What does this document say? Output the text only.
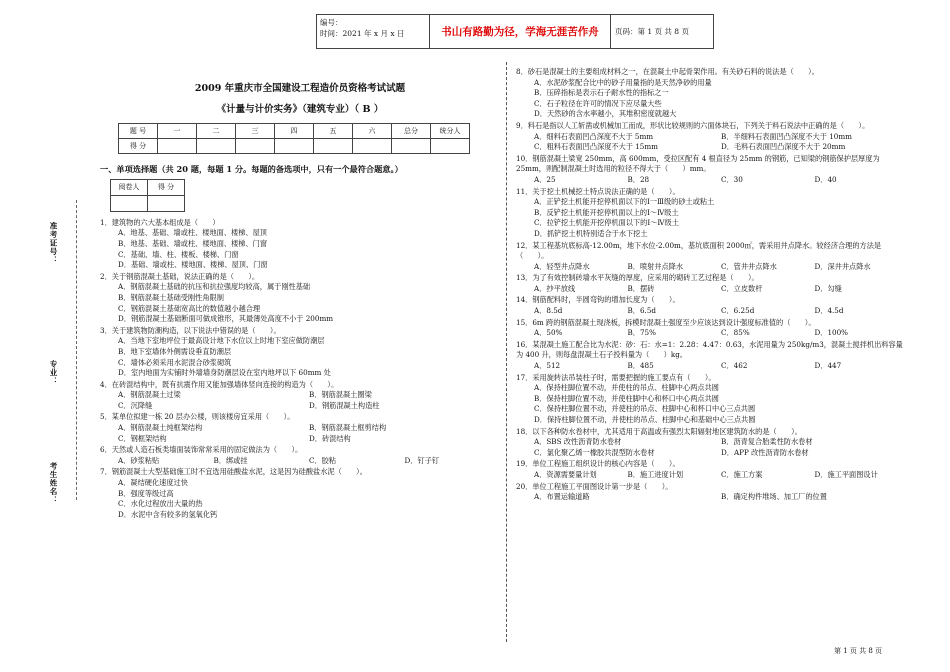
编号：
时间：2021 年 x 月 x 日	书山有路勤为径，学海无涯苦作舟	页码：第 1 页 共 8 页
准考证号：
专业：
考生姓名：
2009 年重庆市全国建设工程造价员资格考试试题
《计量与计价实务》（建筑专业）（ B ）
题 号	一	二	三	四	五	六	总分	统分人
得 分								
一、单项选择题（共 20 题，每题 1 分。每题的备选项中，只有一个最符合题意。）
阅卷人	得 分

1．建筑物的六大基本组成是（　　）
A．地基、基础、墙或柱、楼地面、楼梯、屋顶
B．地基、基础、墙或柱、楼地面、楼梯、门窗
C．基础、墙、柱、楼板、楼梯、门窗
D．基础、墙或柱、楼地面、楼梯、屋顶、门窗
2．关于钢筋混凝土基础，说法正确的是（　　）。
A．钢筋混凝土基础的抗压和抗拉强度均较高，属于刚性基础
B．钢筋混凝土基础受刚性角限制
C．钢筋混凝土基础宽高比的数值越小越合理
D．钢筋混凝土基础断面可做成锥形，其最薄处高度不小于 200mm
3．关于建筑物防潮构造，以下说法中错误的是（　　）。
A．当地下室地坪位于最高设计地下水位以上时地下室应做防潮层
B．地下室墙体外侧需设垂直防潮层
C．墙体必须采用水泥混合砂浆砌筑
D．室内地面为实铺时外墙墙身防潮层设在室内地坪以下 60mm 处
4．在砖混结构中，既有抗震作用又能加强墙体竖向连接的构造为（　　）。
A．钢筋混凝土过梁	B．钢筋混凝土圈梁
C．沉降缝	D．钢筋混凝土构造柱
5．某单位拟建一栋 20 层办公楼，则该楼房宜采用（　　）。
A．钢筋混凝土纯框架结构	B．钢筋混凝土框剪结构
C．钢框架结构	D．砖混结构
6．天然或人造石板类墙面装饰常常采用的固定做法为（　　）。
A．砂浆粘贴	B．绑或挂	C．胶粘	D．钉子钉
7．钢筋混凝土大型基础施工时不宜选用硅酸盐水泥，这是因为硅酸盐水泥（　　）。
A．凝结硬化速度过快
B．强度等级过高
C．水化过程放出大量的热
D．水泥中含有较多的氢氧化钙
8．砂石是混凝土的主要组成材料之一，在混凝土中起骨架作用。有关砂石料的说法是（　　）。
A．水泥砂浆配合比中的砂子用量指的是天然净砂的用量
B．压碎指标是表示石子耐水性的指标之一
C．石子粒径在许可的情况下应尽量大些
D．天然砂的含水率越小，其堆积密度就越大
9．料石是指以人工斩凿或机械加工而成，形状比较规则的六面体块石，下列关于料石说法中正确的是（　　）。
A．细料石表面凹凸深度不大于 5mm	B．半细料石表面凹凸深度不大于 10mm
C．粗料石表面凹凸深度不大于 15mm	D．毛料石表面凹凸深度不大于 20mm
10．钢筋混凝土梁宽 250mm，高 600mm，受拉区配有 4 根直径为 25mm 的钢筋，已知梁的钢筋保护层厚度为 25mm，则配制混凝土时选用的粒径不得大于（　　）mm。
A．25	B．28	C．30	D．40
11．关于挖土机械挖土特点说法正确的是（　　）。
A．正铲挖土机能开挖停机面以下的Ⅰ一Ⅲ级的砂土或粘土
B．反铲挖土机能开挖停机面以上的Ⅰ～Ⅳ级土
C．拉铲挖土机能开挖停机面以下的Ⅰ～Ⅳ级土
D．抓铲挖土机特别适合于水下挖土
12．某工程基坑底标高-12.00m，地下水位-2.00m，基坑底面积 2000㎡，需采用井点降水。较经济合理的方法是（　　）。
A．轻型井点降水	B．喷射井点降水	C．管井井点降水	D．深井井点降水
13．为了有效控制砖墙水平灰缝的厚度，应采用的砌砖工艺过程是（　　）。
A．抄平放线	B．摆砖	C．立皮数杆	D．勾缝
14．钢筋配料时，半圆弯钩的增加长度为（　　）。
A．8.5d	B．6.5d	C．6.25d	D．4.5d
15．6m 跨的钢筋混凝土现浇板，拆模时混凝土强度至少应该达到设计强度标准值的（　　）。
A．50%	B．75%	C．85%	D．100%
16．某混凝土施工配合比为水泥：砂：石：水=1：2.28：4.47：0.63，水泥用量为 250kg/m3，混凝土搅拌机出料容量为 400 升，则每盘混凝土石子投料量为（　　）kg。
A．512	B．485	C．462	D．447
17．采用旋转法吊装柱子时，需要把握的施工要点有（　　）。
A．保持柱脚位置不动，并使柱的吊点、柱脚中心两点共圆
B．保持柱脚位置不动，并使柱脚中心和杯口中心两点共圆
C．保持柱脚位置不动，并使柱的吊点、柱脚中心和杯口中心三点共圆
D．保持柱脚位置不动，并使柱的吊点、柱脚中心和基础中心三点共圆
18．以下各种防水卷材中，尤其适用于高温或有强烈太阳辐射地区建筑防水的是（　　）。
A．SBS 改性沥青防水卷材	B．沥青复合胎柔性防水卷材
C．氯化聚乙烯一橡胶共混型防水卷材	D．APP 改性沥青防水卷材
19．单位工程施工组织设计的核心内容是（　　）。
A．资源需要量计划	B．施工进度计划	C．施工方案	D．施工平面图设计
20．单位工程施工平面图设计第一步是（　　）。
A．布置运输道路	B．确定构件堆场、加工厂的位置
第 1 页 共 8 页
